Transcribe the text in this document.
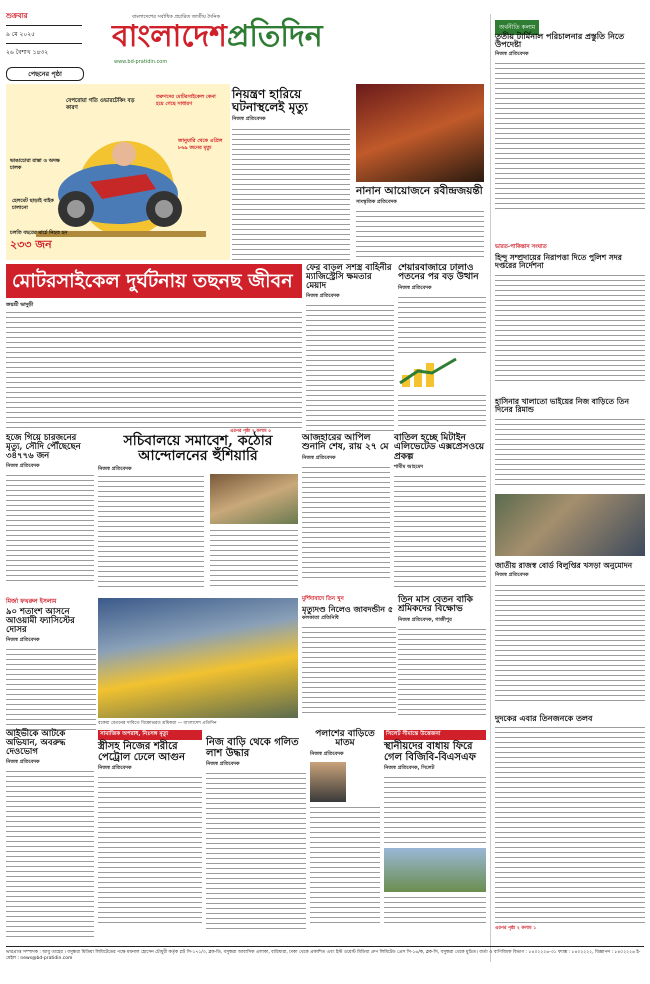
শুক্রবার
৯ মে ২০২৫
২৬ বৈশাখ ১৪৩২
বাংলাদেশের সর্বাধিক প্রচারিত জাতীয় দৈনিক
বাংলাদেশপ্রতিদিন
www.bd-pratidin.com
পেছনের পৃষ্ঠা
বেপরোয়া গতি ওভারটেকিং বড় কারণ
তরুণদের মোটরসাইকেল কেনা হয়ে গেছে সাধারণ
ভাঙাচোরা রাস্তা ও অদক্ষ চালক
জানুয়ারি থেকে এপ্রিল ৮৬৯ জনের মৃত্যু
হেলমেট ছাড়াই বাইক চালানো
চলতি বছরের মার্চে নিহত হন
২৩৩ জন
নিয়ন্ত্রণ হারিয়ে ঘটনাস্থলেই মৃত্যু
নিজস্ব প্রতিবেদক
নানান আয়োজনে রবীন্দ্রজয়ন্তী
সাংস্কৃতিক প্রতিবেদক
অর্থনীতি কলাম
তৃতীয় টার্মিনাল পরিচালনার প্রস্তুতি নিতে উপদেষ্টা
নিজস্ব প্রতিবেদক
ভারত-পাকিস্তান সংঘাত
হিন্দু সম্প্রদায়ের নিরাপত্তা দিতে পুলিশ সদর দপ্তরের নির্দেশনা
হাসিনার খালাতো ভাইয়ের নিজ বাড়িতে তিন দিনের রিমান্ড
জাতীয় রাজস্ব বোর্ড বিলুপ্তির খসড়া অনুমোদন
নিজস্ব প্রতিবেদক
দুদকের এবার তিনজনকে তলব
এরপর পৃষ্ঠা ২ কলাম ১
মোটরসাইকেল দুর্ঘটনায় তছনছ জীবন
জয়শ্রী ভাদুড়ী
এরপর পৃষ্ঠা ২ কলাম ৫
ফের বাড়ল সশস্ত্র বাহিনীর ম্যাজিস্ট্রেসি ক্ষমতার মেয়াদ
নিজস্ব প্রতিবেদক
শেয়ারবাজারে ঢালাও পতনের পর বড় উত্থান
নিজস্ব প্রতিবেদক
হজে গিয়ে চারজনের মৃত্যু, সৌদি পৌঁছেছেন ৩৪৭৭৬ জন
নিজস্ব প্রতিবেদক
সচিবালয়ে সমাবেশ, কঠোর আন্দোলনের হুঁশিয়ারি
নিজস্ব প্রতিবেদক
আজহারের আপিল শুনানি শেষ, রায় ২৭ মে
নিজস্ব প্রতিবেদক
বাতিল হচ্ছে মিটাইন এলিভেটেড এক্সপ্রেসওয়ে প্রকল্প
শামীম আহমেদ
মির্জা ফখরুল ইসলাম
৯০ শতাংশ আসনে আওয়ামী ফ্যাসিস্টের দোসর
নিজস্ব প্রতিবেদক
মুর্শিদাবাদে তিন খুন
মৃত্যুদণ্ড নিলেও জাবদন্ডীন ৫
কলকাতা প্রতিনিধি
তিন মাস বেতন বাকি শ্রমিকদের বিক্ষোভ
নিজস্ব প্রতিবেদক, গাজীপুর
বকেয়া বেতনের দাবিতে বিক্ষোভরত শ্রমিকরা — বাংলাদেশ প্রতিদিন
আইভীকে আটকে অভিযান, অবরুদ্ধ দেওভোগ
নিজস্ব প্রতিবেদক
সামাজিক অপরাধ, নিঃসঙ্গ মৃত্যু
স্ত্রীসহ নিজের শরীরে পেট্রোল ঢেলে আগুন
নিজস্ব প্রতিবেদক
নিজ বাড়ি থেকে গলিত লাশ উদ্ধার
নিজস্ব প্রতিবেদক
পলাশের বাড়িতে মাতম
নিজস্ব প্রতিবেদক
সিলেট সীমান্তে উত্তেজনা
স্থানীয়দের বাধায় ফিরে গেল বিজিবি-বিএসএফ
নিজস্ব প্রতিবেদক, সিলেট
ভারপ্রাপ্ত সম্পাদক : আবু তাহের । বসুন্ধরা মিডিয়া লিমিটেডের পক্ষে ময়নাল হোসেন চৌধুরী কর্তৃক প্লট সি-১৭১/৩, ব্লক-ডি, বসুন্ধরা আবাসিক এলাকা, বারিধারা, ঢাকা থেকে প্রকাশিত এবং ইস্ট ওয়েস্ট মিডিয়া গ্রুপ লিমিটেড প্রেস সি-১৬/ক, ব্লক-সি, বসুন্ধরা থেকে মুদ্রিত। বার্তা ও বাণিজ্যিক বিভাগ : ৮৪০২২২৬-৩১ ফ্যাক্স : ৮৪০২২২২, বিজ্ঞাপন : ৮৪০২২২৬ ই-মেইল : news@bd-pratidin.com
